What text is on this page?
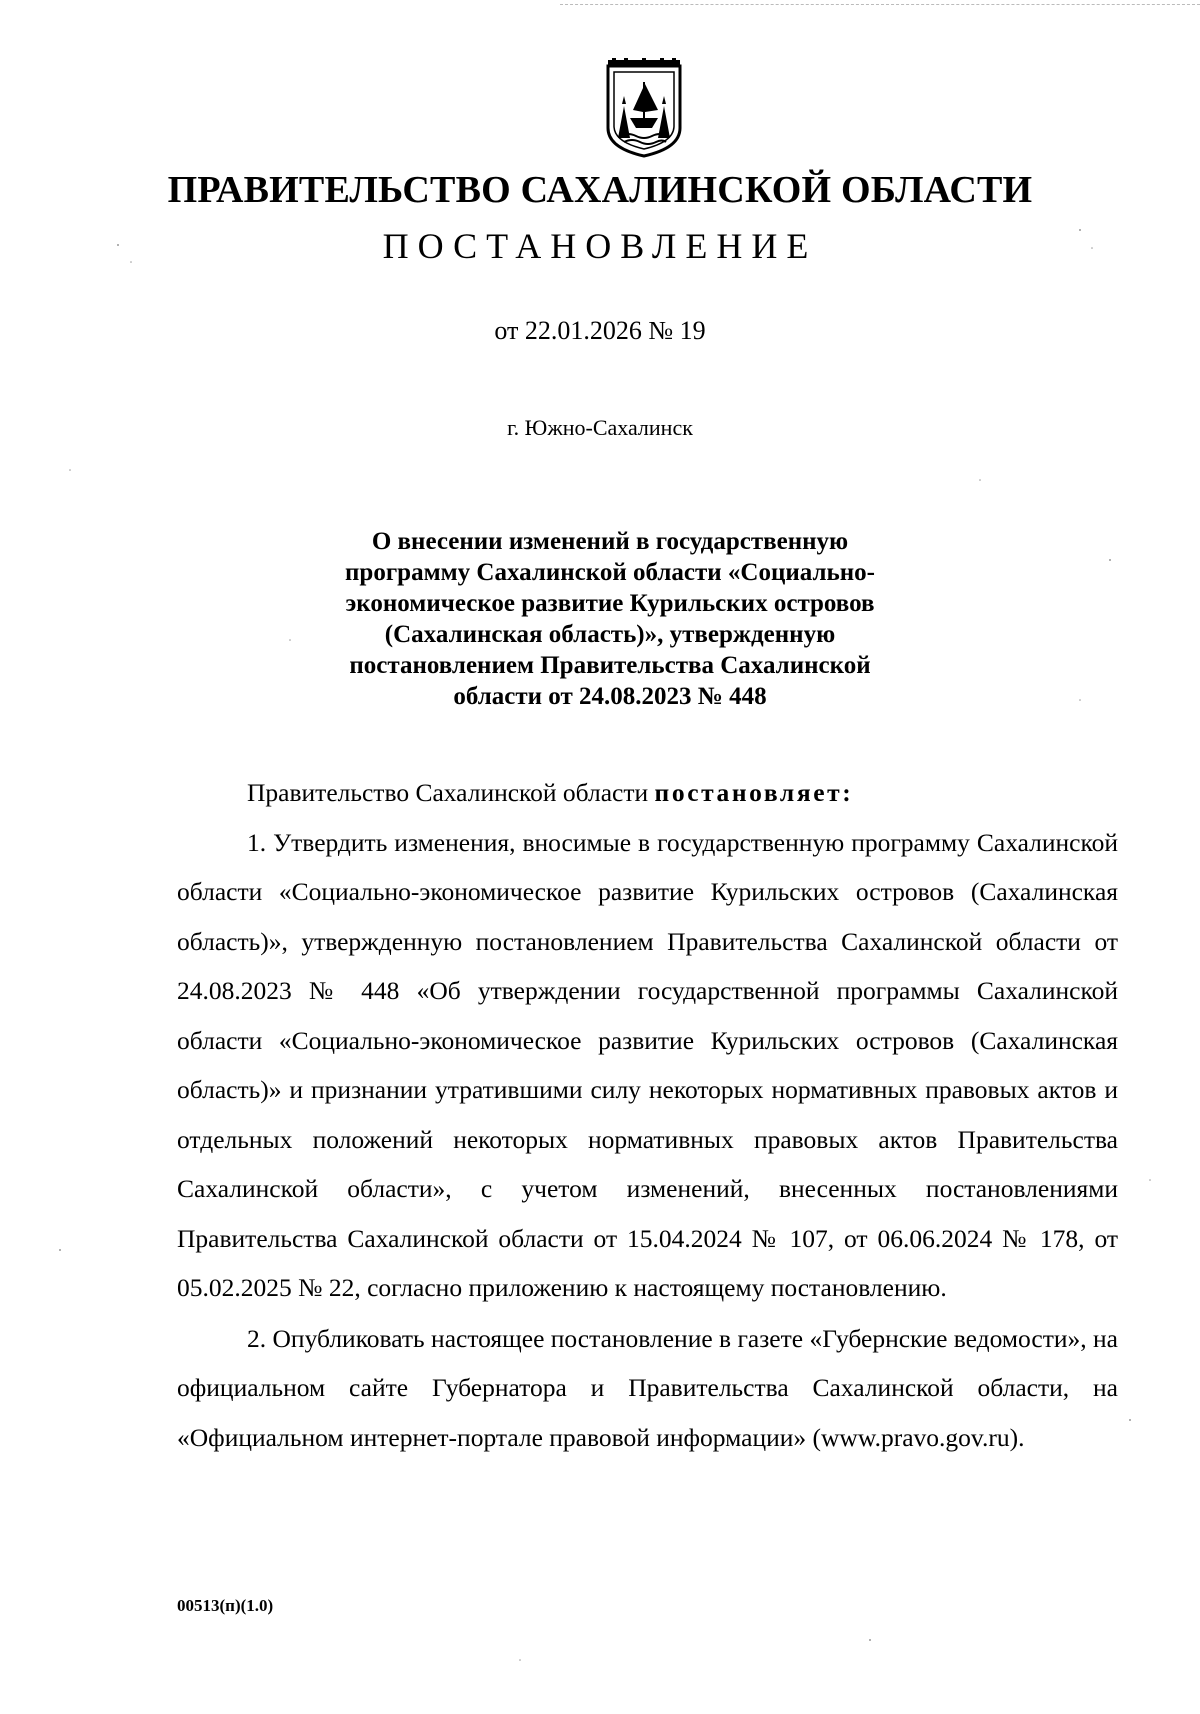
ПРАВИТЕЛЬСТВО САХАЛИНСКОЙ ОБЛАСТИ
ПОСТАНОВЛЕНИЕ
от 22.01.2026 № 19
г. Южно-Сахалинск
О внесении изменений в государственную
программу Сахалинской области «Социально-
экономическое развитие Курильских островов
(Сахалинская область)», утвержденную
постановлением Правительства Сахалинской
области от 24.08.2023 № 448

Правительство Сахалинской области постановляет:

1. Утвердить изменения, вносимые в государственную программу Сахалинской области «Социально-экономическое развитие Курильских островов (Сахалинская область)», утвержденную постановлением Правительства Сахалинской области от 24.08.2023 № 448 «Об утверждении государственной программы Сахалинской области «Социально-экономическое развитие Курильских островов (Сахалинская область)» и признании утратившими силу некоторых нормативных правовых актов и отдельных положений некоторых нормативных правовых актов Правительства Сахалинской области», с учетом изменений, внесенных постановлениями Правительства Сахалинской области от 15.04.2024 № 107, от 06.06.2024 № 178, от 05.02.2025 № 22, согласно приложению к настоящему постановлению.

2. Опубликовать настоящее постановление в газете «Губернские ведомости», на официальном сайте Губернатора и Правительства Сахалинской области, на «Официальном интернет-портале правовой информации» (www.pravo.gov.ru).

00513(п)(1.0)
